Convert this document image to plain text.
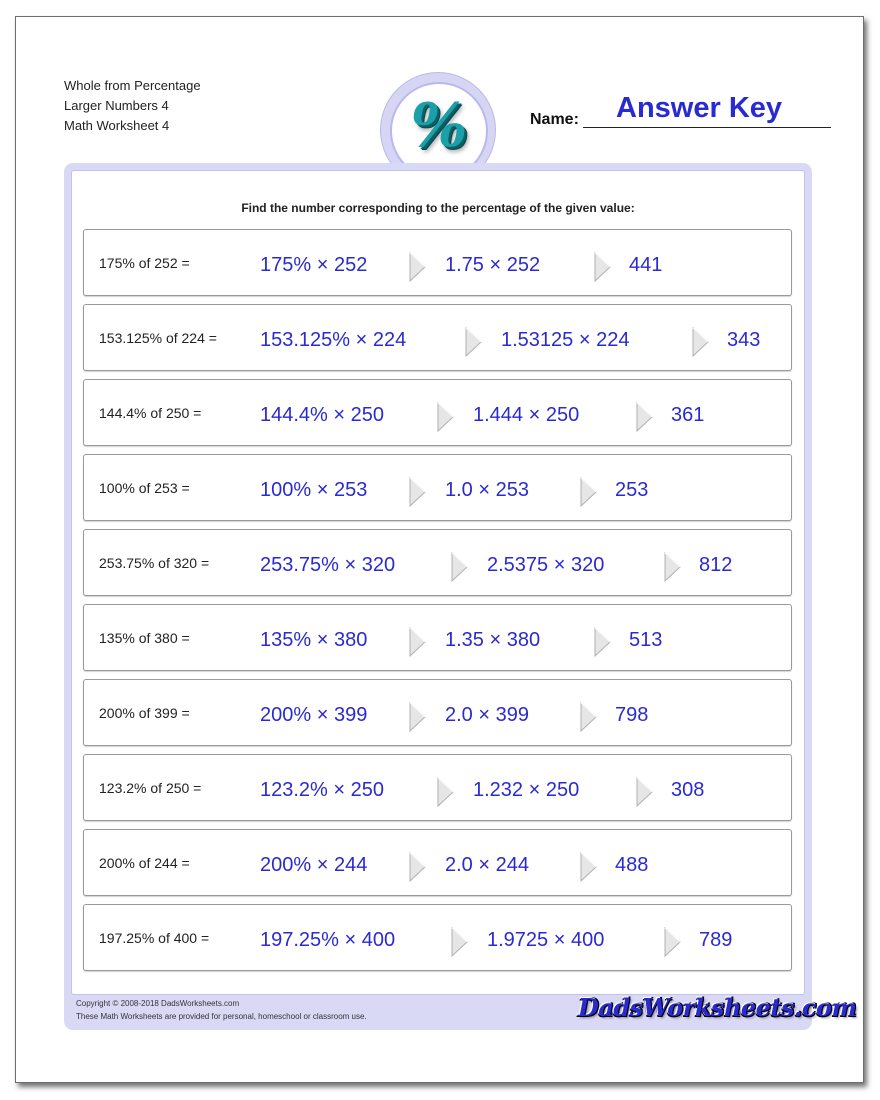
Whole from Percentage
Larger Numbers 4
Math Worksheet 4	%	Name: Answer Key
Find the number corresponding to the percentage of the given value:
175% of 252 =	175% × 252	1.75 × 252	441
153.125% of 224 = 153.125% × 224	1.53125 × 224	343
144.4% of 250 =	144.4% × 250	1.444 × 250	361
100% of 253 =	100% × 253	1.0 × 253	253
253.75% of 320 =	253.75% × 320	2.5375 × 320	812
135% of 380 =	135% × 380	1.35 × 380	513
200% of 399 =	200% × 399	2.0 × 399	798
123.2% of 250 =	123.2% × 250	1.232 × 250	308
200% of 244 =	200% × 244	2.0 × 244	488
197.25% of 400 =	197.25% × 400	1.9725 × 400	789
Copyright © 2008-2018 DadsWorksheets.com
These Math Worksheets are provided for personal, homeschool or classroom use.	DadsWorksheets.com
